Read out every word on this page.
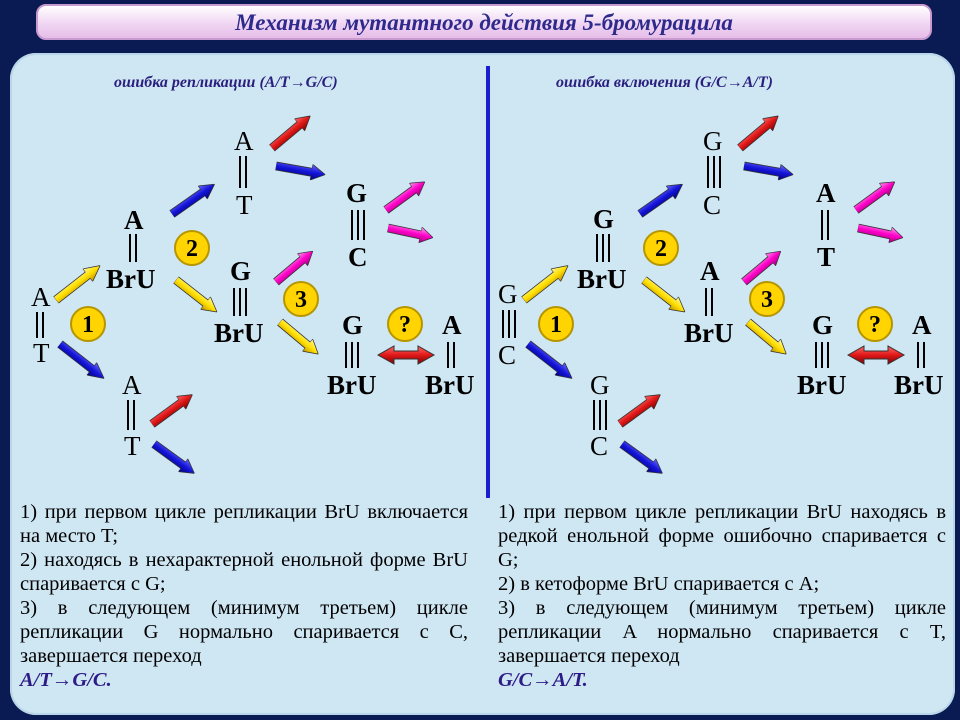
Механизм мутантного действия 5-бромурацила
ошибка репликации (A/T→G/C)	ошибка включения (G/C→A/T)
A
T
A
BrU
A
T
G
BrU
G
C
A
T
G
BrU
A
BrU
1
2
3
?
G
C
G
BrU
G
C
A
BrU
A
T
G
C
G
BrU
A
BrU
1
2
3
?
1) при первом цикле репликации BrU включается на место T;
2) находясь в нехарактерной енольной форме BrU спаривается с G;
3) в следующем (минимум третьем) цикле репликации G нормально спаривается с C, завершается переход
A/T→G/C.
1) при первом цикле репликации BrU находясь в редкой енольной форме ошибочно спаривается с G;
2) в кетоформе BrU спаривается с A;
3) в следующем (минимум третьем) цикле репликации A нормально спаривается с T, завершается переход
G/C→A/T.
